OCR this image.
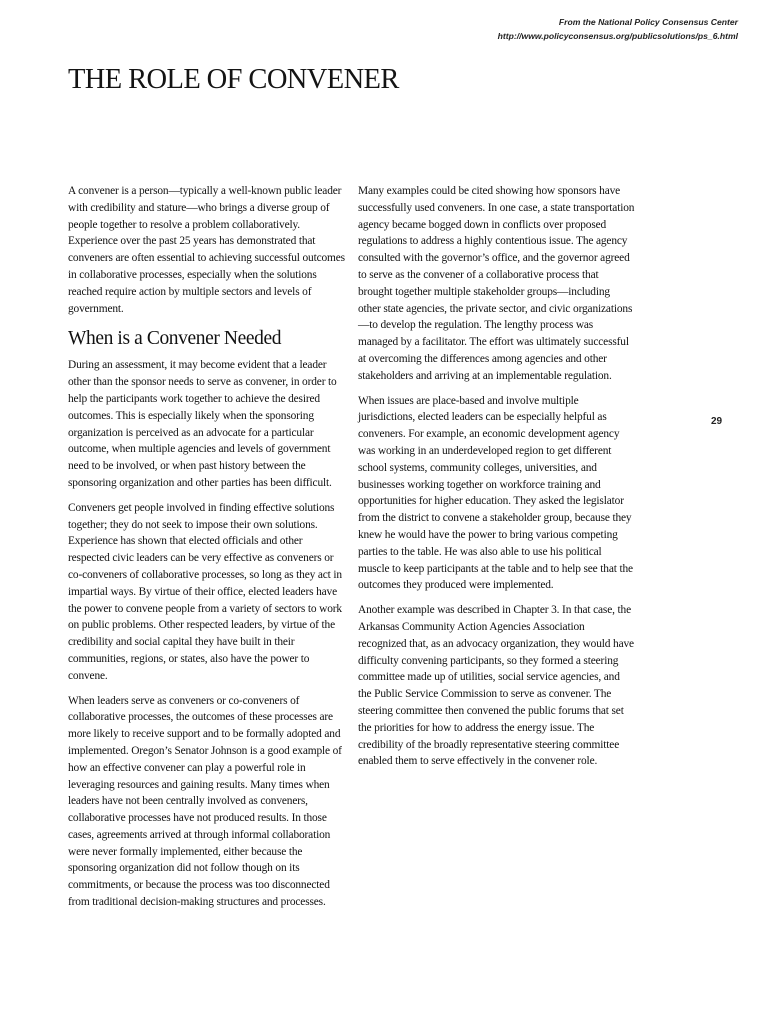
From the National Policy Consensus Center
http://www.policyconsensus.org/publicsolutions/ps_6.html
THE ROLE OF CONVENER

A convener is a person—typically a well-known public leader with credibility and stature—who brings a diverse group of people together to resolve a problem collaboratively. Experience over the past 25 years has demonstrated that conveners are often essential to achieving successful outcomes in collaborative processes, especially when the solutions reached require action by multiple sectors and levels of government.

When is a Convener Needed

During an assessment, it may become evident that a leader other than the sponsor needs to serve as convener, in order to help the participants work together to achieve the desired outcomes. This is especially likely when the sponsoring organization is perceived as an advocate for a particular outcome, when multiple agencies and levels of government need to be involved, or when past history between the sponsoring organization and other parties has been difficult.

Conveners get people involved in finding effective solutions together; they do not seek to impose their own solutions. Experience has shown that elected officials and other respected civic leaders can be very effective as conveners or co-conveners of collaborative processes, so long as they act in impartial ways. By virtue of their office, elected leaders have the power to convene people from a variety of sectors to work on public problems. Other respected leaders, by virtue of the credibility and social capital they have built in their communities, regions, or states, also have the power to convene.

When leaders serve as conveners or co-conveners of collaborative processes, the outcomes of these processes are more likely to receive support and to be formally adopted and implemented. Oregon’s Senator Johnson is a good example of how an effective convener can play a powerful role in leveraging resources and gaining results. Many times when leaders have not been centrally involved as conveners, collaborative processes have not produced results. In those cases, agreements arrived at through informal collaboration were never formally implemented, either because the sponsoring organization did not follow though on its commitments, or because the process was too disconnected from traditional decision-making structures and processes.

Many examples could be cited showing how sponsors have successfully used conveners. In one case, a state transportation agency became bogged down in conflicts over proposed regulations to address a highly contentious issue. The agency consulted with the governor’s office, and the governor agreed to serve as the convener of a collaborative process that brought together multiple stakeholder groups—including other state agencies, the private sector, and civic organizations—to develop the regulation. The lengthy process was managed by a facilitator. The effort was ultimately successful at overcoming the differences among agencies and other stakeholders and arriving at an implementable regulation.

When issues are place-based and involve multiple jurisdictions, elected leaders can be especially helpful as conveners. For example, an economic development agency was working in an underdeveloped region to get different school systems, community colleges, universities, and businesses working together on workforce training and opportunities for higher education. They asked the legislator from the district to convene a stakeholder group, because they knew he would have the power to bring various competing parties to the table. He was also able to use his political muscle to keep participants at the table and to help see that the outcomes they produced were implemented.

Another example was described in Chapter 3. In that case, the Arkansas Community Action Agencies Association recognized that, as an advocacy organization, they would have difficulty convening participants, so they formed a steering committee made up of utilities, social service agencies, and the Public Service Commission to serve as convener. The steering committee then convened the public forums that set the priorities for how to address the energy issue. The credibility of the broadly representative steering committee enabled them to serve effectively in the convener role.

29
